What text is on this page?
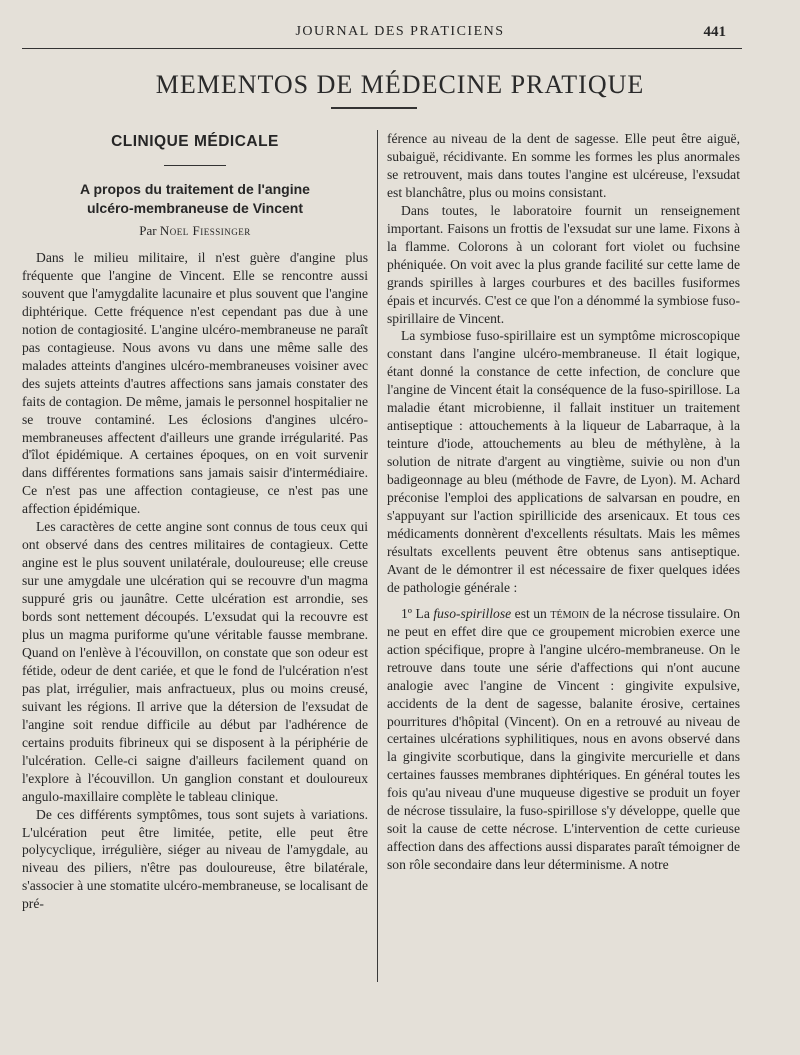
JOURNAL DES PRATICIENS	441
MEMENTOS DE MÉDECINE PRATIQUE
CLINIQUE MÉDICALE
A propos du traitement de l'angine
ulcéro-membraneuse de Vincent
Par Noel Fiessinger

Dans le milieu militaire, il n'est guère d'angine plus fréquente que l'angine de Vincent. Elle se rencontre aussi souvent que l'amygdalite lacunaire et plus souvent que l'angine diphtérique. Cette fréquence n'est cependant pas due à une notion de contagiosité. L'angine ulcéro-membraneuse ne paraît pas contagieuse. Nous avons vu dans une même salle des malades atteints d'angines ulcéro-membraneuses voisiner avec des sujets atteints d'autres affections sans jamais constater des faits de contagion. De même, jamais le personnel hospitalier ne se trouve contaminé. Les éclosions d'angines ulcéro-membraneuses affectent d'ailleurs une grande irrégularité. Pas d'îlot épidémique. A certaines époques, on en voit survenir dans différentes formations sans jamais saisir d'intermédiaire. Ce n'est pas une affection contagieuse, ce n'est pas une affection épidémique.

Les caractères de cette angine sont connus de tous ceux qui ont observé dans des centres militaires de contagieux. Cette angine est le plus souvent unilatérale, douloureuse; elle creuse sur une amygdale une ulcération qui se recouvre d'un magma suppuré gris ou jaunâtre. Cette ulcération est arrondie, ses bords sont nettement découpés. L'exsudat qui la recouvre est plus un magma puriforme qu'une véritable fausse membrane. Quand on l'enlève à l'écouvillon, on constate que son odeur est fétide, odeur de dent cariée, et que le fond de l'ulcération n'est pas plat, irrégulier, mais anfractueux, plus ou moins creusé, suivant les régions. Il arrive que la détersion de l'exsudat de l'angine soit rendue difficile au début par l'adhérence de certains produits fibrineux qui se disposent à la périphérie de l'ulcération. Celle-ci saigne d'ailleurs facilement quand on l'explore à l'écouvillon. Un ganglion constant et douloureux angulo-maxillaire complète le tableau clinique.

De ces différents symptômes, tous sont sujets à variations. L'ulcération peut être limitée, petite, elle peut être polycyclique, irrégulière, siéger au niveau de l'amygdale, au niveau des piliers, n'être pas douloureuse, être bilatérale, s'associer à une stomatite ulcéro-membraneuse, se localisant de pré-

férence au niveau de la dent de sagesse. Elle peut être aiguë, subaiguë, récidivante. En somme les formes les plus anormales se retrouvent, mais dans toutes l'angine est ulcéreuse, l'exsudat est blanchâtre, plus ou moins consistant.

Dans toutes, le laboratoire fournit un renseignement important. Faisons un frottis de l'exsudat sur une lame. Fixons à la flamme. Colorons à un colorant fort violet ou fuchsine phéniquée. On voit avec la plus grande facilité sur cette lame de grands spirilles à larges courbures et des bacilles fusiformes épais et incurvés. C'est ce que l'on a dénommé la symbiose fuso-spirillaire de Vincent.

La symbiose fuso-spirillaire est un symptôme microscopique constant dans l'angine ulcéro-membraneuse. Il était logique, étant donné la constance de cette infection, de conclure que l'angine de Vincent était la conséquence de la fuso-spirillose. La maladie étant microbienne, il fallait instituer un traitement antiseptique : attouchements à la liqueur de Labarraque, à la teinture d'iode, attouchements au bleu de méthylène, à la solution de nitrate d'argent au vingtième, suivie ou non d'un badigeonnage au bleu (méthode de Favre, de Lyon). M. Achard préconise l'emploi des applications de salvarsan en poudre, en s'appuyant sur l'action spirillicide des arsenicaux. Et tous ces médicaments donnèrent d'excellents résultats. Mais les mêmes résultats excellents peuvent être obtenus sans antiseptique. Avant de le démontrer il est nécessaire de fixer quelques idées de pathologie générale :

1º La fuso-spirillose est un témoin de la nécrose tissulaire. On ne peut en effet dire que ce groupement microbien exerce une action spécifique, propre à l'angine ulcéro-membraneuse. On le retrouve dans toute une série d'affections qui n'ont aucune analogie avec l'angine de Vincent : gingivite expulsive, accidents de la dent de sagesse, balanite érosive, certaines pourritures d'hôpital (Vincent). On en a retrouvé au niveau de certaines ulcérations syphilitiques, nous en avons observé dans la gingivite scorbutique, dans la gingivite mercurielle et dans certaines fausses membranes diphtériques. En général toutes les fois qu'au niveau d'une muqueuse digestive se produit un foyer de nécrose tissulaire, la fuso-spirillose s'y développe, quelle que soit la cause de cette nécrose. L'intervention de cette curieuse affection dans des affections aussi disparates paraît témoigner de son rôle secondaire dans leur déterminisme. A notre
